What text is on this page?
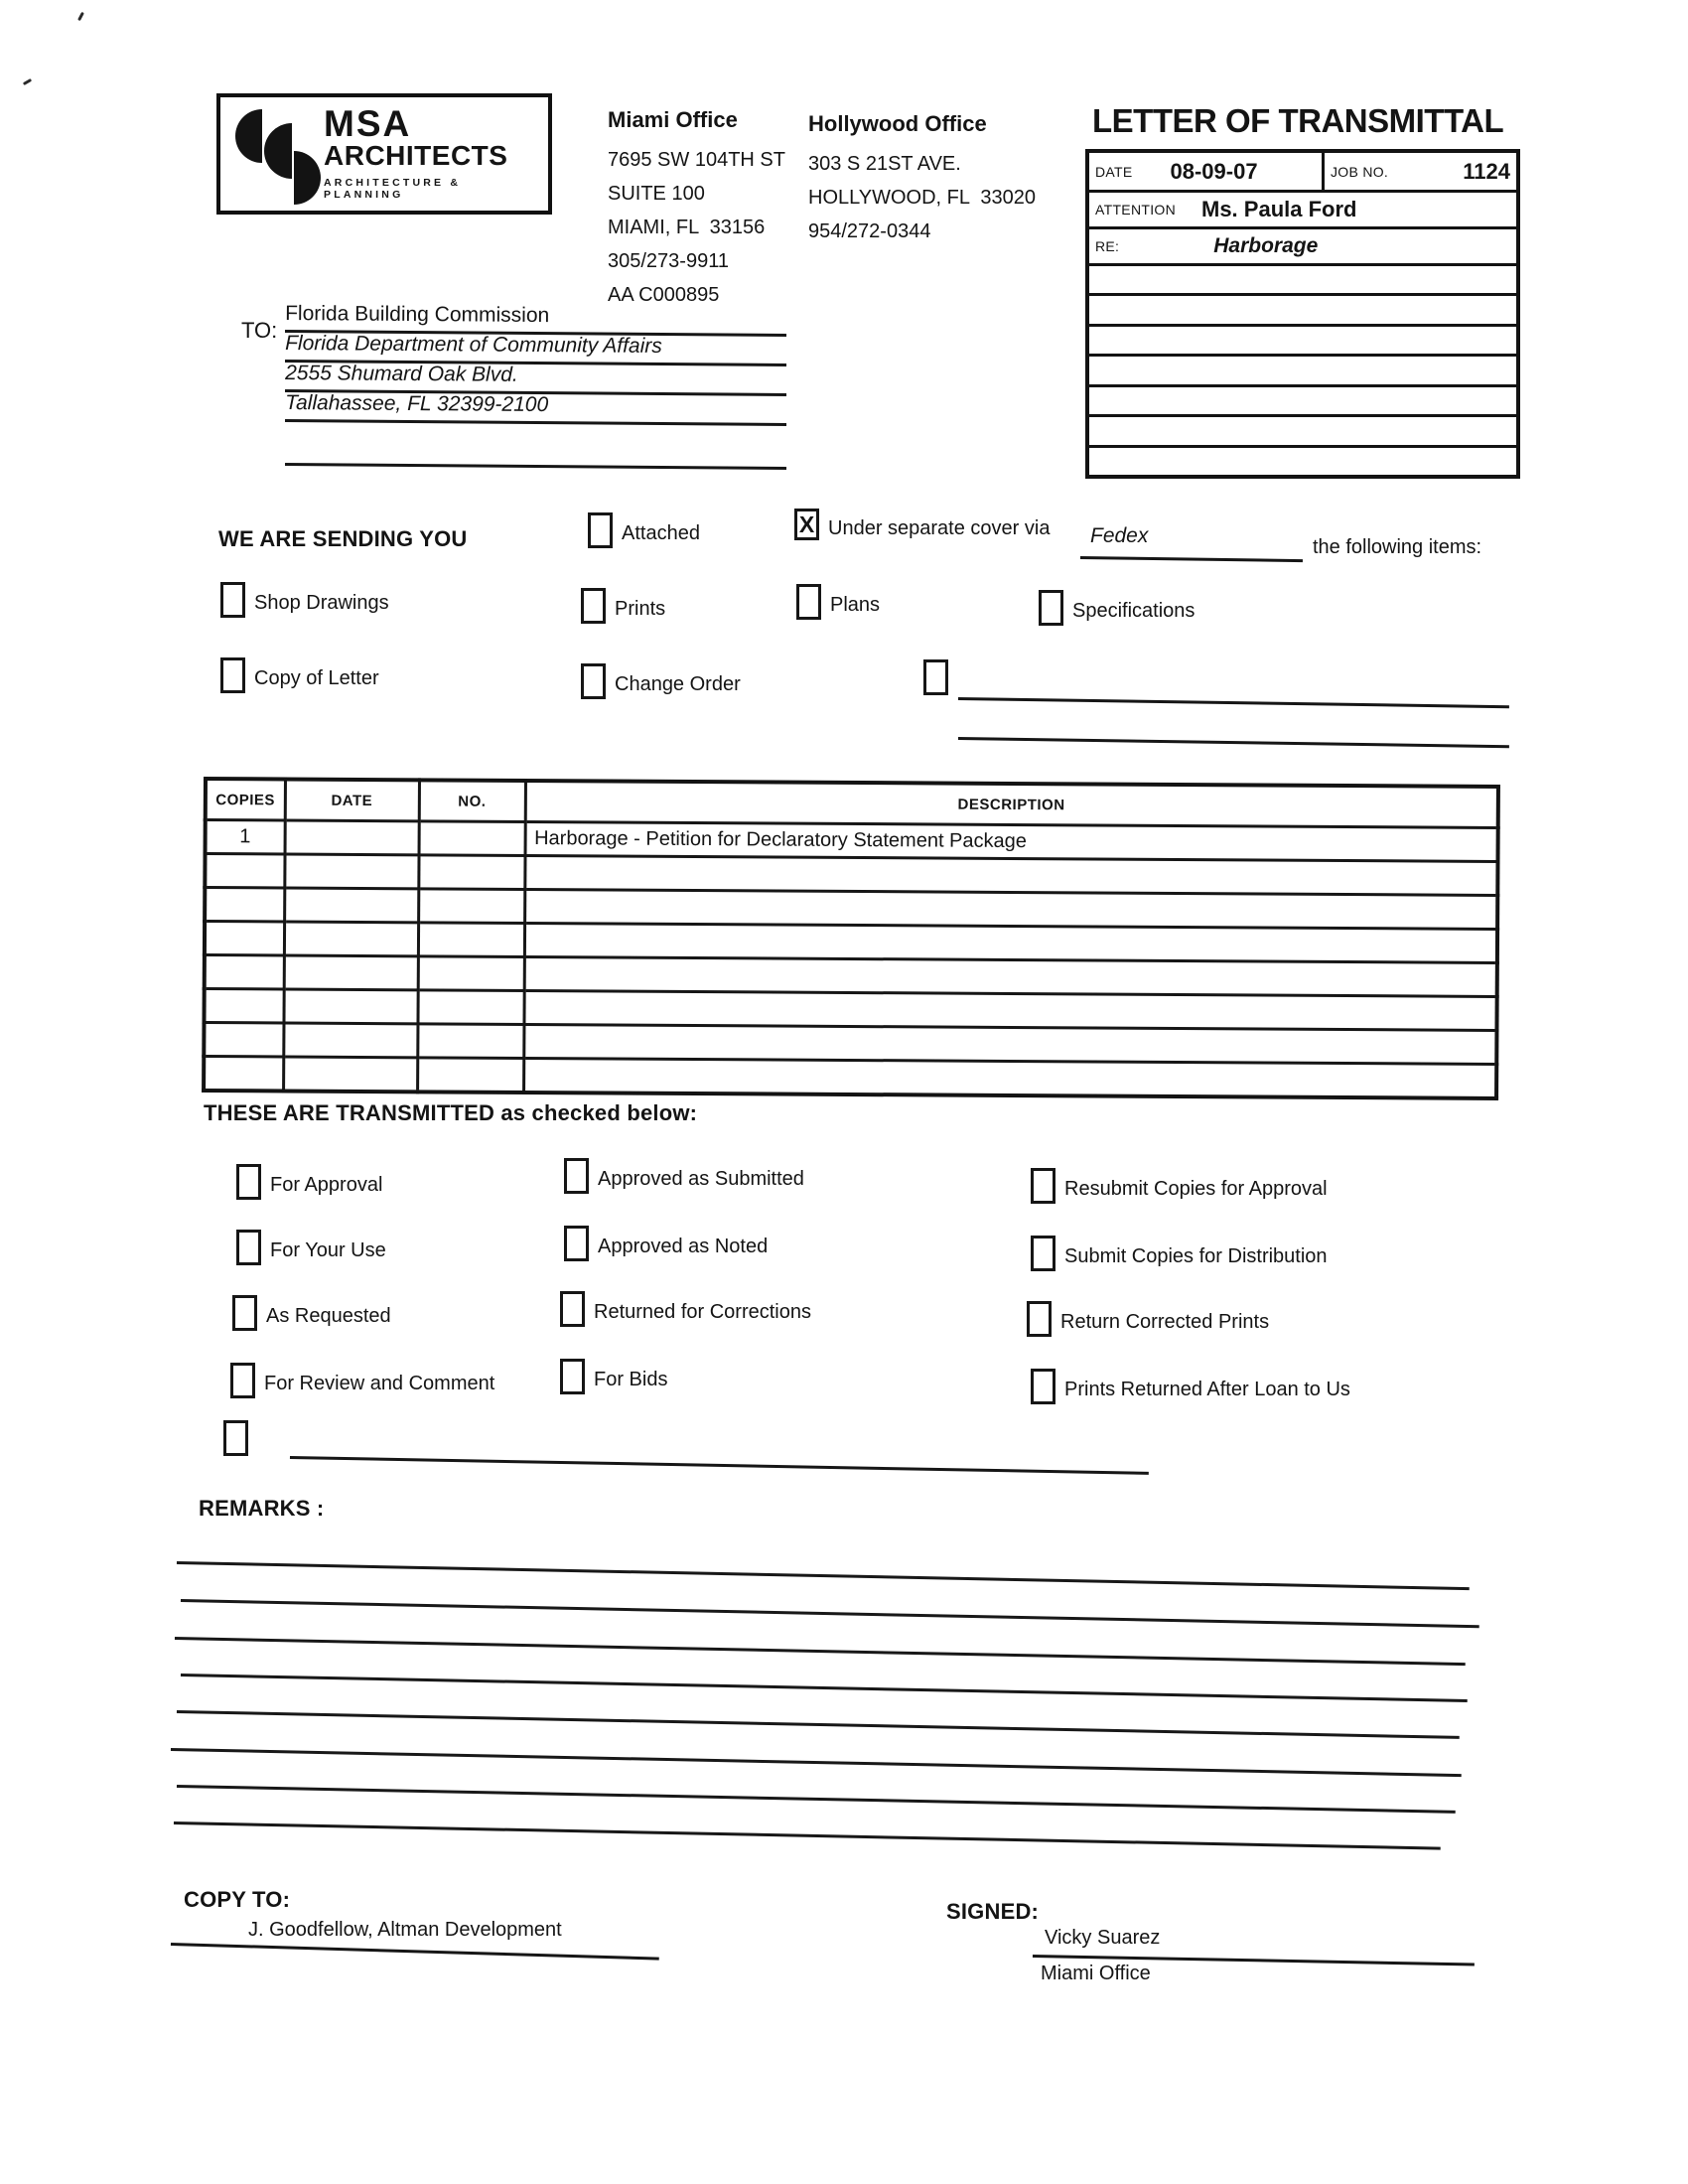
MSA
ARCHITECTS
ARCHITECTURE & PLANNING
Miami Office
7695 SW 104TH ST
SUITE 100
MIAMI, FL  33156
305/273-9911
AA C000895
Hollywood Office
303 S 21ST AVE.
HOLLYWOOD, FL  33020
954/272-0344
LETTER OF TRANSMITTAL
DATE 08-09-07	JOB NO.	1124
ATTENTION Ms. Paula Ford
RE:	Harborage
TO:
Florida Building Commission
Florida Department of Community Affairs
2555 Shumard Oak Blvd.
Tallahassee, FL 32399-2100
WE ARE SENDING YOU	Attached	X Under separate cover via Fedex	the following items:
Shop Drawings	Prints	Plans	Specifications
Copy of Letter	Change Order
COPIES	DATE	NO.	DESCRIPTION
1			Harborage - Petition for Declaratory Statement Package

THESE ARE TRANSMITTED as checked below:
For Approval
For Your Use
As Requested
For Review and Comment
Approved as Submitted
Approved as Noted
Returned for Corrections
For Bids
Resubmit Copies for Approval
Submit Copies for Distribution
Return Corrected Prints
Prints Returned After Loan to Us
REMARKS :
COPY TO:
J. Goodfellow, Altman Development
SIGNED:
Vicky Suarez
Miami Office
